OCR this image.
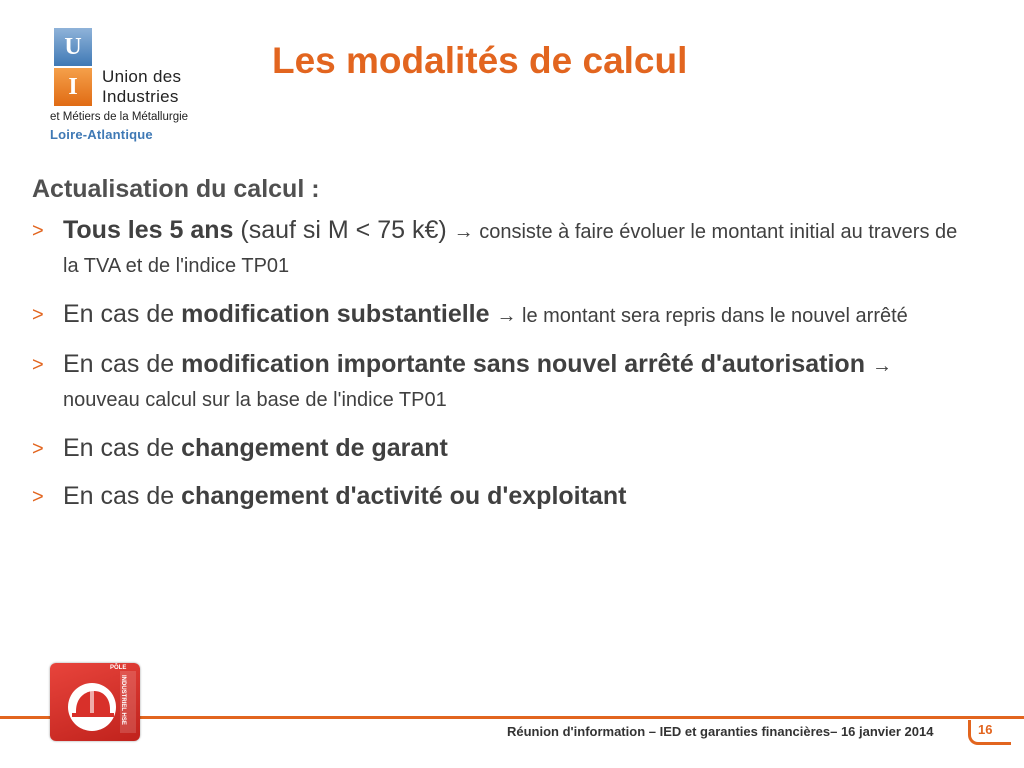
U
I	Union des
Industries
et Métiers de la Métallurgie
Loire-Atlantique
Les modalités de calcul
Actualisation du calcul :
> Tous les 5 ans (sauf si M < 75 k€) → consiste à faire évoluer le montant initial au travers de la TVA et de l'indice TP01
> En cas de modification substantielle → le montant sera repris dans le nouvel arrêté
> En cas de modification importante sans nouvel arrêté d'autorisation → nouveau calcul sur la base de l'indice TP01
> En cas de changement de garant
> En cas de changement d'activité ou d'exploitant
PÔLE
INDUSTRIEL HSE
Réunion d'information – IED et garanties financières– 16 janvier 2014	16
